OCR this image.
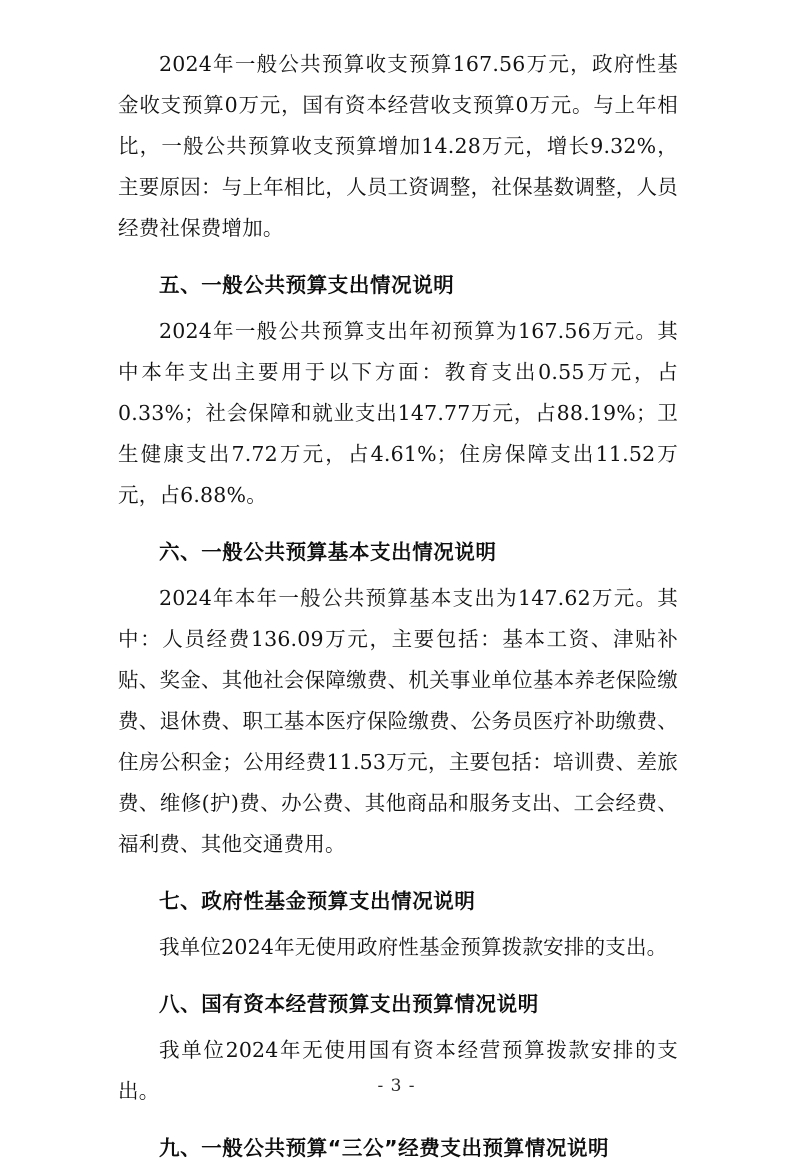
2024年一般公共预算收支预算167.56万元，政府性基金收支预算0万元，国有资本经营收支预算0万元。与上年相比，一般公共预算收支预算增加14.28万元，增长9.32%，主要原因：与上年相比，人员工资调整，社保基数调整，人员经费社保费增加。

五、一般公共预算支出情况说明

2024年一般公共预算支出年初预算为167.56万元。其中本年支出主要用于以下方面：教育支出0.55万元，占0.33%；社会保障和就业支出147.77万元，占88.19%；卫生健康支出7.72万元，占4.61%；住房保障支出11.52万元，占6.88%。

六、一般公共预算基本支出情况说明

2024年本年一般公共预算基本支出为147.62万元。其中：人员经费136.09万元，主要包括：基本工资、津贴补贴、奖金、其他社会保障缴费、机关事业单位基本养老保险缴费、退休费、职工基本医疗保险缴费、公务员医疗补助缴费、住房公积金；公用经费11.53万元，主要包括：培训费、差旅费、维修(护)费、办公费、其他商品和服务支出、工会经费、福利费、其他交通费用。

七、政府性基金预算支出情况说明

我单位2024年无使用政府性基金预算拨款安排的支出。

八、国有资本经营预算支出预算情况说明

我单位2024年无使用国有资本经营预算拨款安排的支出。

九、一般公共预算“三公”经费支出预算情况说明
- 3 -
